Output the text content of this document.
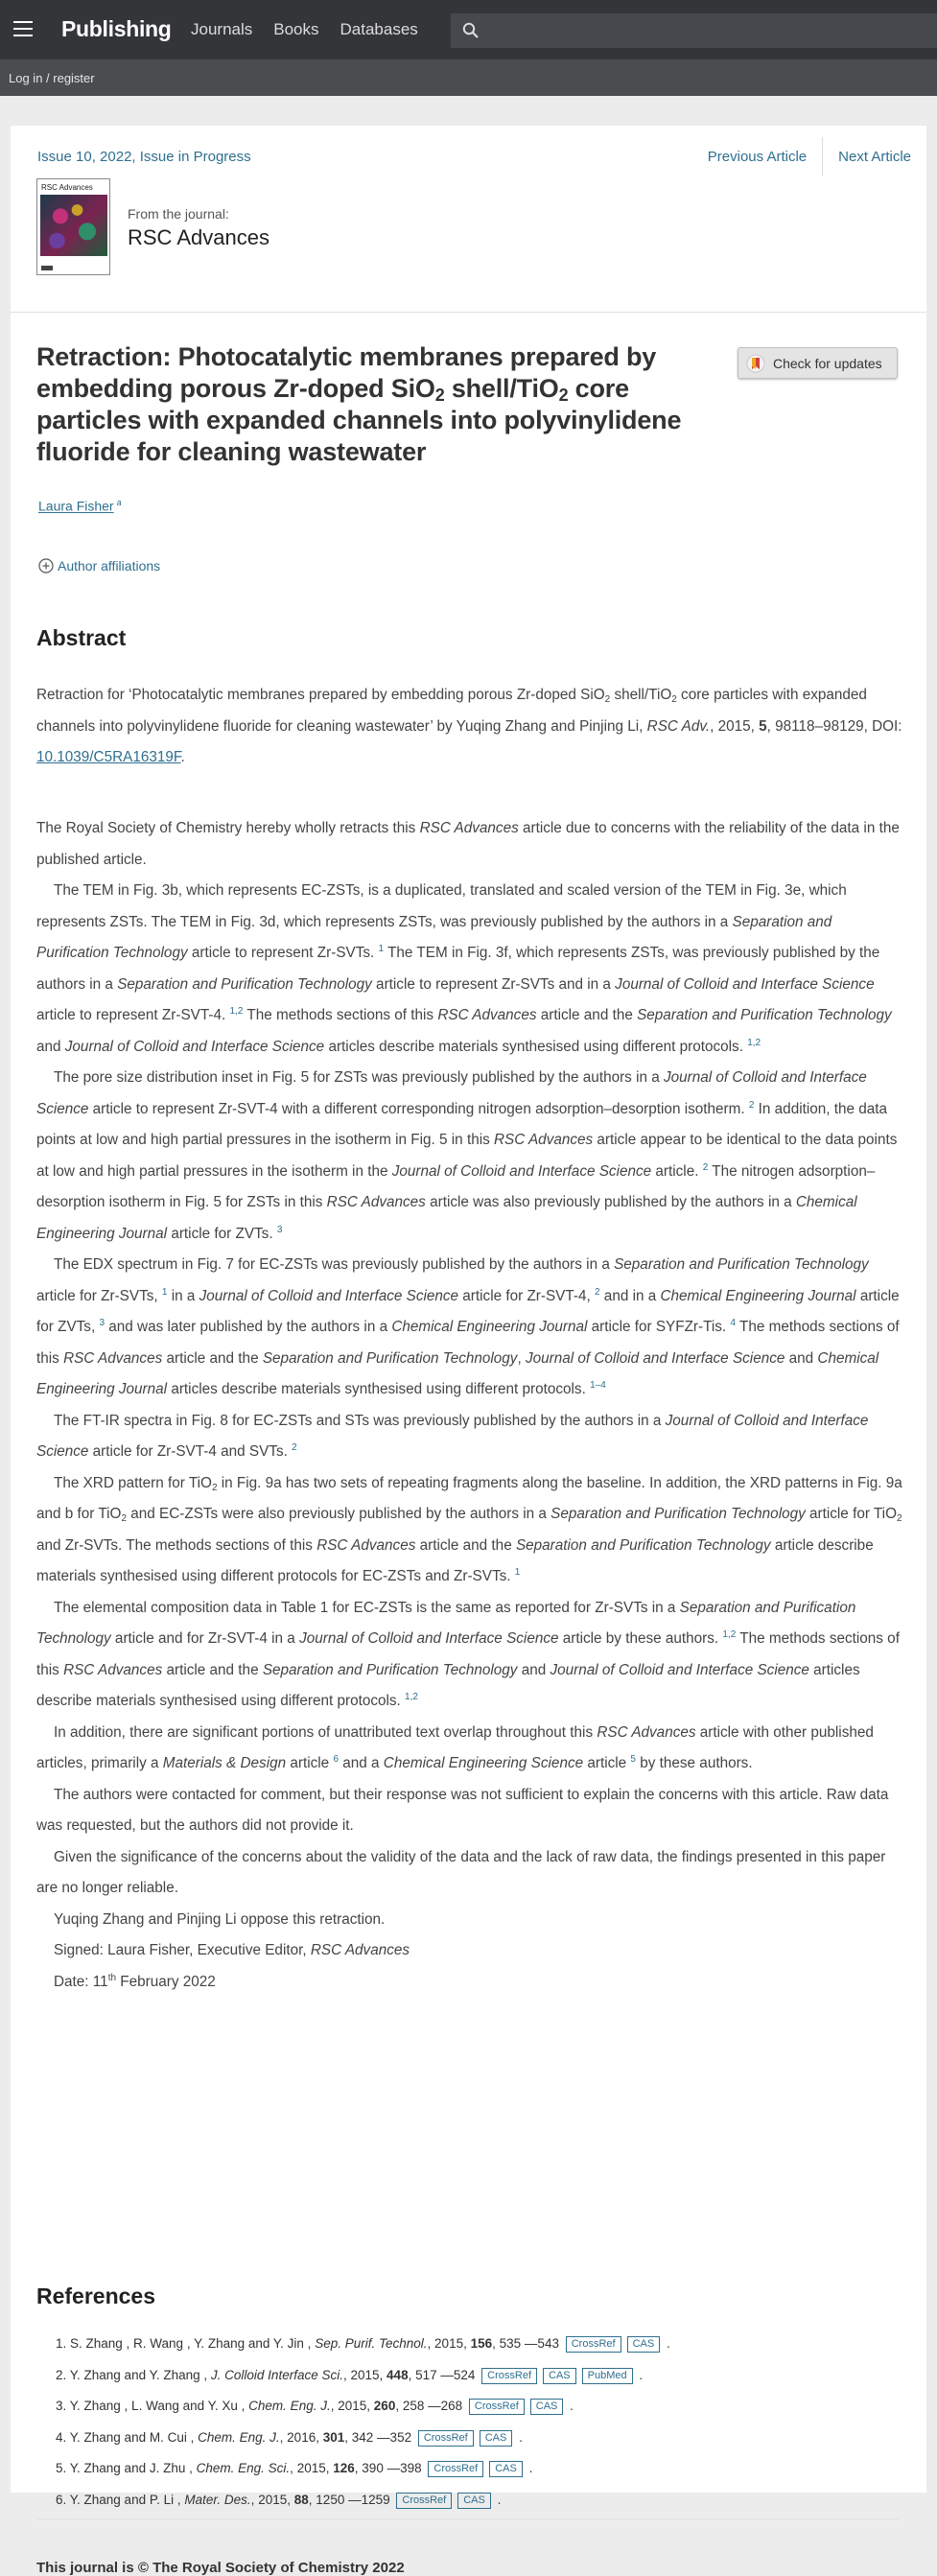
Publishing Journals Books Databases
Log in / register
Issue 10, 2022, Issue in Progress	Previous Article	Next Article
RSC Advances
From the journal:
RSC Advances
Retraction: Photocatalytic membranes prepared by embedding porous Zr-doped SiO$_2$ shell/TiO$_2$ core particles with expanded channels into polyvinylidene fluoride for cleaning wastewater
Check for updates
Laura Fisher $^a$
Author affiliations
Abstract

Retraction for ‘Photocatalytic membranes prepared by embedding porous Zr-doped SiO$_2$ shell/TiO$_2$ core particles with expanded channels into polyvinylidene fluoride for cleaning wastewater’ by Yuqing Zhang and Pinjing Li, RSC Adv., 2015, 5, 98118–98129, DOI: 10.1039/C5RA16319F.

The Royal Society of Chemistry hereby wholly retracts this RSC Advances article due to concerns with the reliability of the data in the published article.

The TEM in Fig. 3b, which represents EC-ZSTs, is a duplicated, translated and scaled version of the TEM in Fig. 3e, which represents ZSTs. The TEM in Fig. 3d, which represents ZSTs, was previously published by the authors in a Separation and Purification Technology article to represent Zr-SVTs. $^1$ The TEM in Fig. 3f, which represents ZSTs, was previously published by the authors in a Separation and Purification Technology article to represent Zr-SVTs and in a Journal of Colloid and Interface Science article to represent Zr-SVT-4. $^{1,2}$ The methods sections of this RSC Advances article and the Separation and Purification Technology and Journal of Colloid and Interface Science articles describe materials synthesised using different protocols. $^{1,2}$

The pore size distribution inset in Fig. 5 for ZSTs was previously published by the authors in a Journal of Colloid and Interface Science article to represent Zr-SVT-4 with a different corresponding nitrogen adsorption–desorption isotherm. $^2$ In addition, the data points at low and high partial pressures in the isotherm in Fig. 5 in this RSC Advances article appear to be identical to the data points at low and high partial pressures in the isotherm in the Journal of Colloid and Interface Science article. $^2$ The nitrogen adsorption–desorption isotherm in Fig. 5 for ZSTs in this RSC Advances article was also previously published by the authors in a Chemical Engineering Journal article for ZVTs. $^3$

The EDX spectrum in Fig. 7 for EC-ZSTs was previously published by the authors in a Separation and Purification Technology article for Zr-SVTs, $^1$ in a Journal of Colloid and Interface Science article for Zr-SVT-4, $^2$ and in a Chemical Engineering Journal article for ZVTs, $^3$ and was later published by the authors in a Chemical Engineering Journal article for SYFZr-Tis. $^4$ The methods sections of this RSC Advances article and the Separation and Purification Technology, Journal of Colloid and Interface Science and Chemical Engineering Journal articles describe materials synthesised using different protocols. $^{1-4}$

The FT-IR spectra in Fig. 8 for EC-ZSTs and STs was previously published by the authors in a Journal of Colloid and Interface Science article for Zr-SVT-4 and SVTs. $^2$

The XRD pattern for TiO$_2$ in Fig. 9a has two sets of repeating fragments along the baseline. In addition, the XRD patterns in Fig. 9a and b for TiO$_2$ and EC-ZSTs were also previously published by the authors in a Separation and Purification Technology article for TiO$_2$ and Zr-SVTs. The methods sections of this RSC Advances article and the Separation and Purification Technology article describe materials synthesised using different protocols for EC-ZSTs and Zr-SVTs. $^1$

The elemental composition data in Table 1 for EC-ZSTs is the same as reported for Zr-SVTs in a Separation and Purification Technology article and for Zr-SVT-4 in a Journal of Colloid and Interface Science article by these authors. $^{1,2}$ The methods sections of this RSC Advances article and the Separation and Purification Technology and Journal of Colloid and Interface Science articles describe materials synthesised using different protocols. $^{1,2}$

In addition, there are significant portions of unattributed text overlap throughout this RSC Advances article with other published articles, primarily a Materials & Design article $^6$ and a Chemical Engineering Science article $^5$ by these authors.

The authors were contacted for comment, but their response was not sufficient to explain the concerns with this article. Raw data was requested, but the authors did not provide it.

Given the significance of the concerns about the validity of the data and the lack of raw data, the findings presented in this paper are no longer reliable.

Yuqing Zhang and Pinjing Li oppose this retraction.

Signed: Laura Fisher, Executive Editor, RSC Advances

Date: 11th February 2022

References
1. S. Zhang , R. Wang , Y. Zhang and Y. Jin , Sep. Purif. Technol., 2015, 156, 535 —543 CrossRef CAS .
2. Y. Zhang and Y. Zhang , J. Colloid Interface Sci., 2015, 448, 517 —524 CrossRef CAS PubMed .
3. Y. Zhang , L. Wang and Y. Xu , Chem. Eng. J., 2015, 260, 258 —268 CrossRef CAS .
4. Y. Zhang and M. Cui , Chem. Eng. J., 2016, 301, 342 —352 CrossRef CAS .
5. Y. Zhang and J. Zhu , Chem. Eng. Sci., 2015, 126, 390 —398 CrossRef CAS .
6. Y. Zhang and P. Li , Mater. Des., 2015, 88, 1250 —1259 CrossRef CAS .
This journal is © The Royal Society of Chemistry 2022
